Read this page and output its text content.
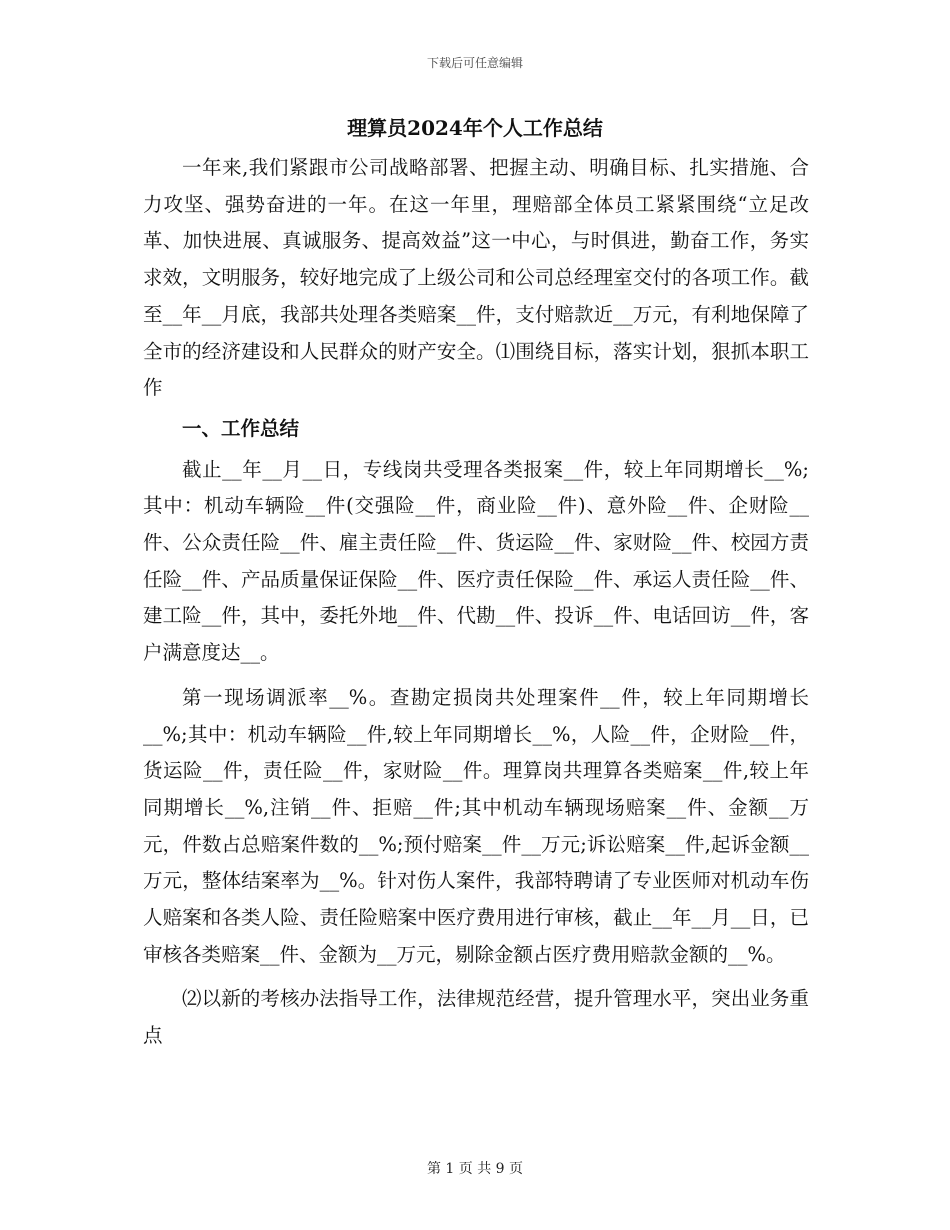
下载后可任意编辑
理算员2024年个人工作总结

一年来,我们紧跟市公司战略部署、把握主动、明确目标、扎实措施、合力攻坚、强势奋进的一年。在这一年里，理赔部全体员工紧紧围绕“立足改革、加快进展、真诚服务、提高效益”这一中心，与时俱进，勤奋工作，务实求效，文明服务，较好地完成了上级公司和公司总经理室交付的各项工作。截至__年__月底，我部共处理各类赔案__件，支付赔款近__万元，有利地保障了全市的经济建设和人民群众的财产安全。⑴围绕目标，落实计划，狠抓本职工作

一、工作总结

截止__年__月__日，专线岗共受理各类报案__件，较上年同期增长__%;其中：机动车辆险__件(交强险__件，商业险__件)、意外险__件、企财险__件、公众责任险__件、雇主责任险__件、货运险__件、家财险__件、校园方责任险__件、产品质量保证保险__件、医疗责任保险__件、承运人责任险__件、建工险__件，其中，委托外地__件、代勘__件、投诉__件、电话回访__件，客户满意度达__。

第一现场调派率__%。查勘定损岗共处理案件__件，较上年同期增长__%;其中：机动车辆险__件,较上年同期增长__%，人险__件，企财险__件，货运险__件，责任险__件，家财险__件。理算岗共理算各类赔案__件,较上年同期增长__%,注销__件、拒赔__件;其中机动车辆现场赔案__件、金额__万元，件数占总赔案件数的__%;预付赔案__件__万元;诉讼赔案__件,起诉金额__万元，整体结案率为__%。针对伤人案件，我部特聘请了专业医师对机动车伤人赔案和各类人险、责任险赔案中医疗费用进行审核，截止__年__月__日，已审核各类赔案__件、金额为__万元，剔除金额占医疗费用赔款金额的__%。

⑵以新的考核办法指导工作，法律规范经营，提升管理水平，突出业务重点

第 1 页 共 9 页
